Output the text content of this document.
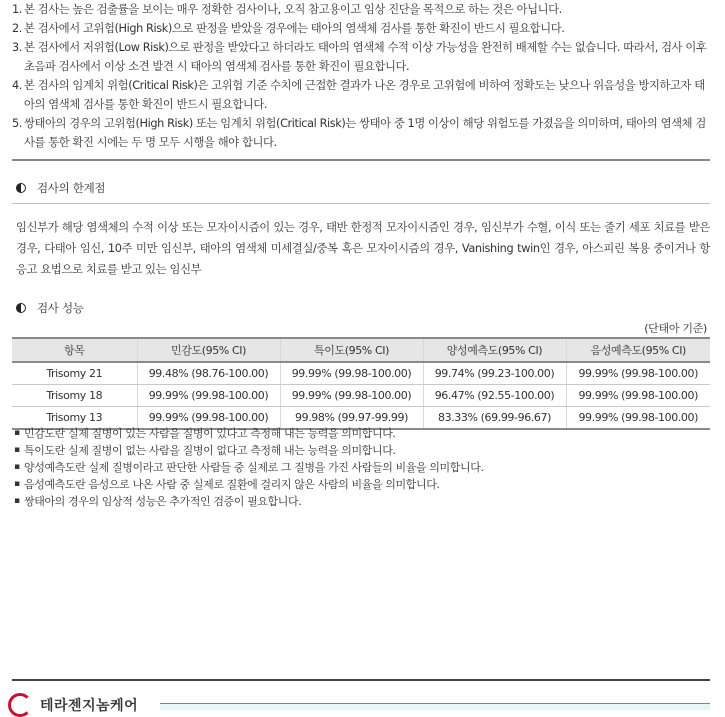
1. 본 검사는 높은 검출률을 보이는 매우 정확한 검사이나, 오직 참고용이고 임상 진단을 목적으로 하는 것은 아닙니다.
2. 본 검사에서 고위험(High Risk)으로 판정을 받았을 경우에는 태아의 염색체 검사를 통한 확진이 반드시 필요합니다.
3. 본 검사에서 저위험(Low Risk)으로 판정을 받았다고 하더라도 태아의 염색체 수적 이상 가능성을 완전히 배제할 수는 없습니다. 따라서, 검사 이후 초음파 검사에서 이상 소견 발견 시 태아의 염색체 검사를 통한 확진이 필요합니다.
4. 본 검사의 임계치 위험(Critical Risk)은 고위험 기준 수치에 근접한 결과가 나온 경우로 고위험에 비하여 정확도는 낮으나 위음성을 방지하고자 태아의 염색체 검사를 통한 확진이 반드시 필요합니다.
5. 쌍태아의 경우의 고위험(High Risk) 또는 임계치 위험(Critical Risk)는 쌍태아 중 1명 이상이 해당 위험도를 가졌음을 의미하며, 태아의 염색체 검사를 통한 확진 시에는 두 명 모두 시행을 해야 합니다.
검사의 한계점
임신부가 해당 염색체의 수적 이상 또는 모자이시즘이 있는 경우, 태반 한정적 모자이시즘인 경우, 임신부가 수혈, 이식 또는 줄기 세포 치료를 받은 경우, 다태아 임신, 10주 미만 임신부, 태아의 염색체 미세결실/중복 혹은 모자이시즘의 경우, Vanishing twin인 경우, 아스피린 복용 중이거나 항 응고 요법으로 치료를 받고 있는 임신부
검사 성능
(단태아 기준)
항목	민감도(95% CI)	특이도(95% CI)	양성예측도(95% CI)	음성예측도(95% CI)
Trisomy 21	99.48% (98.76-100.00)	99.99% (99.98-100.00)	99.74% (99.23-100.00)	99.99% (99.98-100.00)
Trisomy 18	99.99% (99.98-100.00)	99.99% (99.98-100.00)	96.47% (92.55-100.00)	99.99% (99.98-100.00)
Trisomy 13	99.99% (99.98-100.00)	99.98% (99.97-99.99)	83.33% (69.99-96.67)	99.99% (99.98-100.00)
▪ 민감도란 실제 질병이 있는 사람을 질병이 있다고 측정해 내는 능력을 의미합니다.
▪ 특이도란 실제 질병이 없는 사람을 질병이 없다고 측정해 내는 능력을 의미합니다.
▪ 양성예측도란 실제 질병이라고 판단한 사람들 중 실제로 그 질병을 가진 사람들의 비율을 의미합니다.
▪ 음성예측도란 음성으로 나온 사람 중 실제로 질환에 걸리지 않은 사람의 비율을 의미합니다.
▪ 쌍태아의 경우의 임상적 성능은 추가적인 검증이 필요합니다.
테라젠지놈케어
